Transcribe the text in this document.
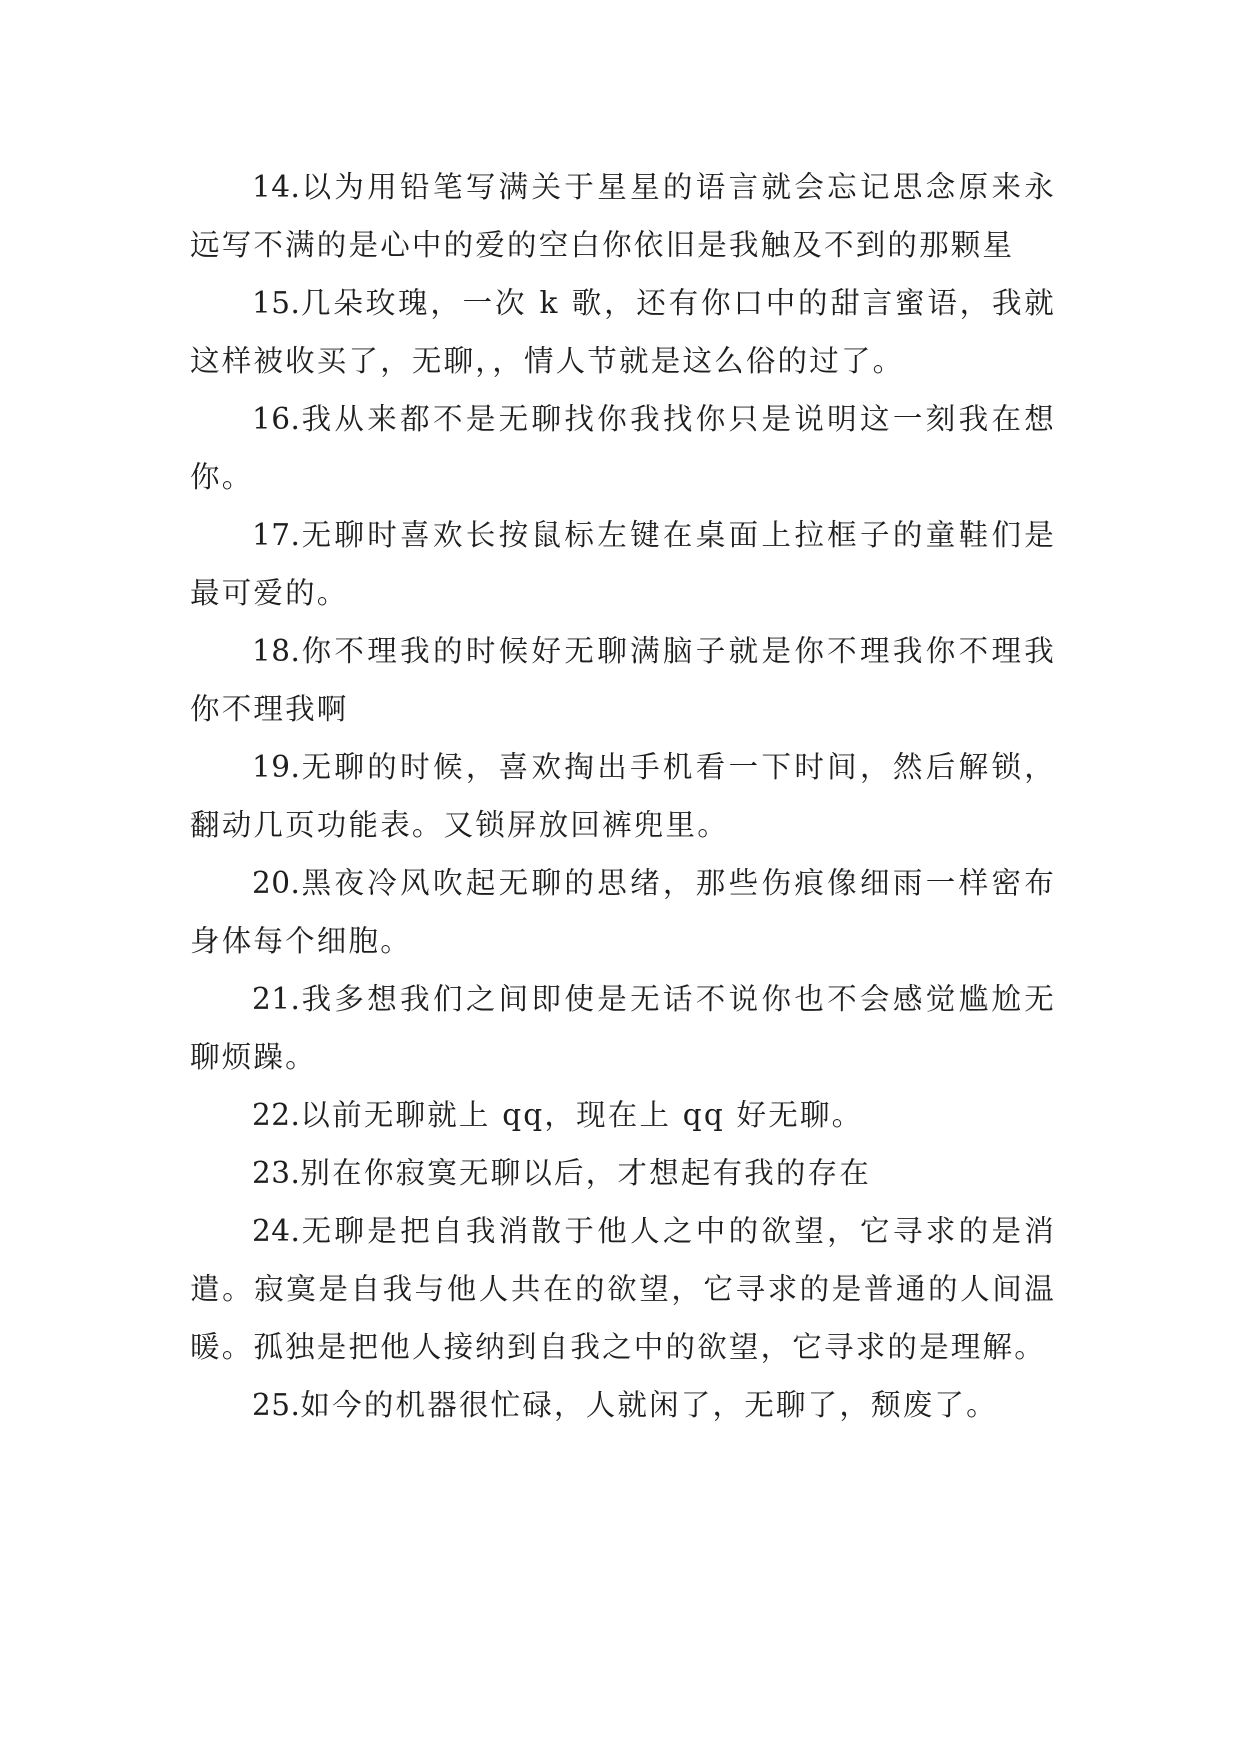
14.以为用铅笔写满关于星星的语言就会忘记思念原来永远写不满的是心中的爱的空白你依旧是我触及不到的那颗星

15.几朵玫瑰，一次 k 歌，还有你口中的甜言蜜语，我就这样被收买了，无聊，，情人节就是这么俗的过了。

16.我从来都不是无聊找你我找你只是说明这一刻我在想你。

17.无聊时喜欢长按鼠标左键在桌面上拉框子的童鞋们是最可爱的。

18.你不理我的时候好无聊满脑子就是你不理我你不理我你不理我啊

19.无聊的时候，喜欢掏出手机看一下时间，然后解锁，翻动几页功能表。又锁屏放回裤兜里。

20.黑夜冷风吹起无聊的思绪，那些伤痕像细雨一样密布身体每个细胞。

21.我多想我们之间即使是无话不说你也不会感觉尴尬无聊烦躁。

22.以前无聊就上 qq，现在上 qq 好无聊。

23.别在你寂寞无聊以后，才想起有我的存在

24.无聊是把自我消散于他人之中的欲望，它寻求的是消遣。寂寞是自我与他人共在的欲望，它寻求的是普通的人间温暖。孤独是把他人接纳到自我之中的欲望，它寻求的是理解。

25.如今的机器很忙碌，人就闲了，无聊了，颓废了。
